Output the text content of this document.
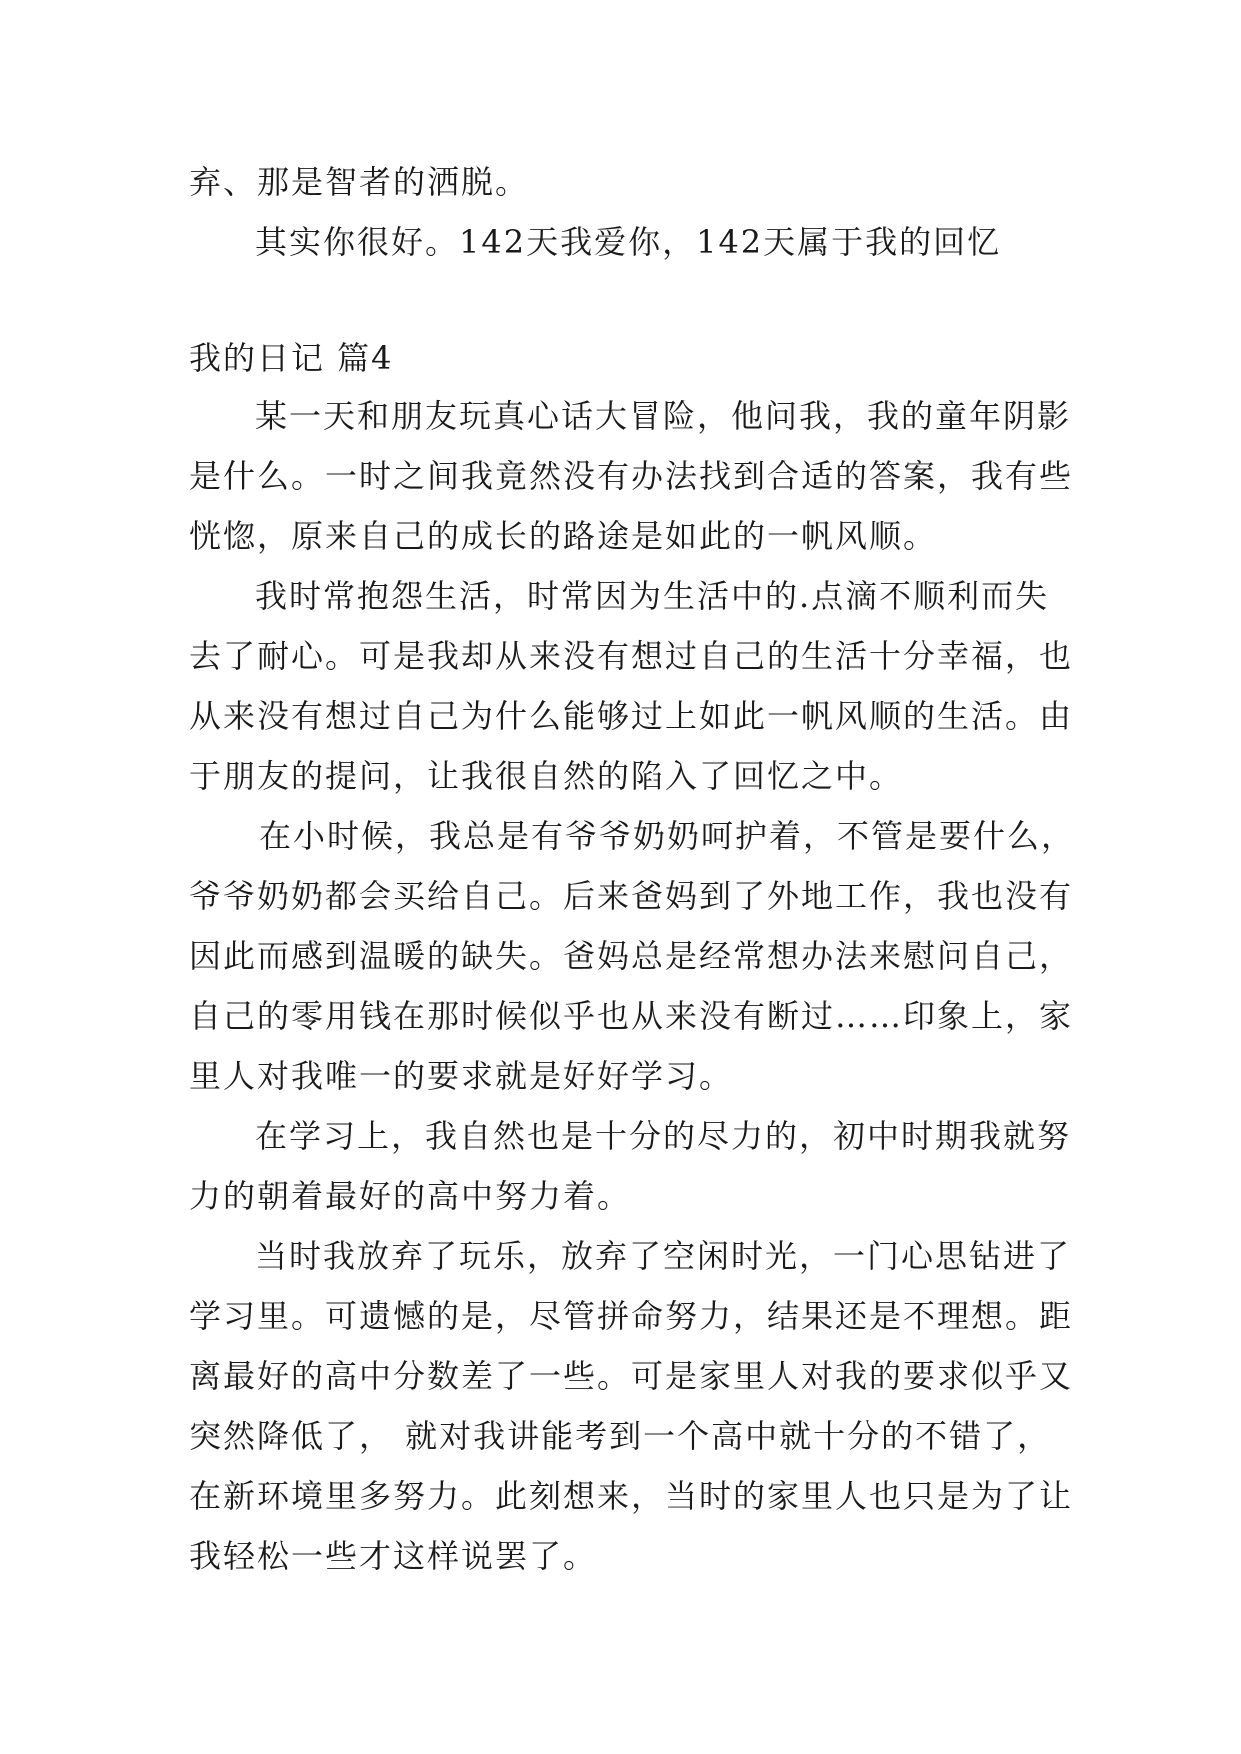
弃、那是智者的洒脱。
其实你很好。142天我爱你，142天属于我的回忆
我的日记 篇4
某一天和朋友玩真心话大冒险，他问我，我的童年阴影
是什么。一时之间我竟然没有办法找到合适的答案，我有些
恍惚，原来自己的成长的路途是如此的一帆风顺。
我时常抱怨生活，时常因为生活中的.点滴不顺利而失
去了耐心。可是我却从来没有想过自己的生活十分幸福，也
从来没有想过自己为什么能够过上如此一帆风顺的生活。由
于朋友的提问，让我很自然的陷入了回忆之中。
在小时候，我总是有爷爷奶奶呵护着，不管是要什么，
爷爷奶奶都会买给自己。后来爸妈到了外地工作，我也没有
因此而感到温暖的缺失。爸妈总是经常想办法来慰问自己，
自己的零用钱在那时候似乎也从来没有断过……印象上，家
里人对我唯一的要求就是好好学习。
在学习上，我自然也是十分的尽力的，初中时期我就努
力的朝着最好的高中努力着。
当时我放弃了玩乐，放弃了空闲时光，一门心思钻进了
学习里。可遗憾的是，尽管拼命努力，结果还是不理想。距
离最好的高中分数差了一些。可是家里人对我的要求似乎又
突然降低了， 就对我讲能考到一个高中就十分的不错了，
在新环境里多努力。此刻想来，当时的家里人也只是为了让
我轻松一些才这样说罢了。
